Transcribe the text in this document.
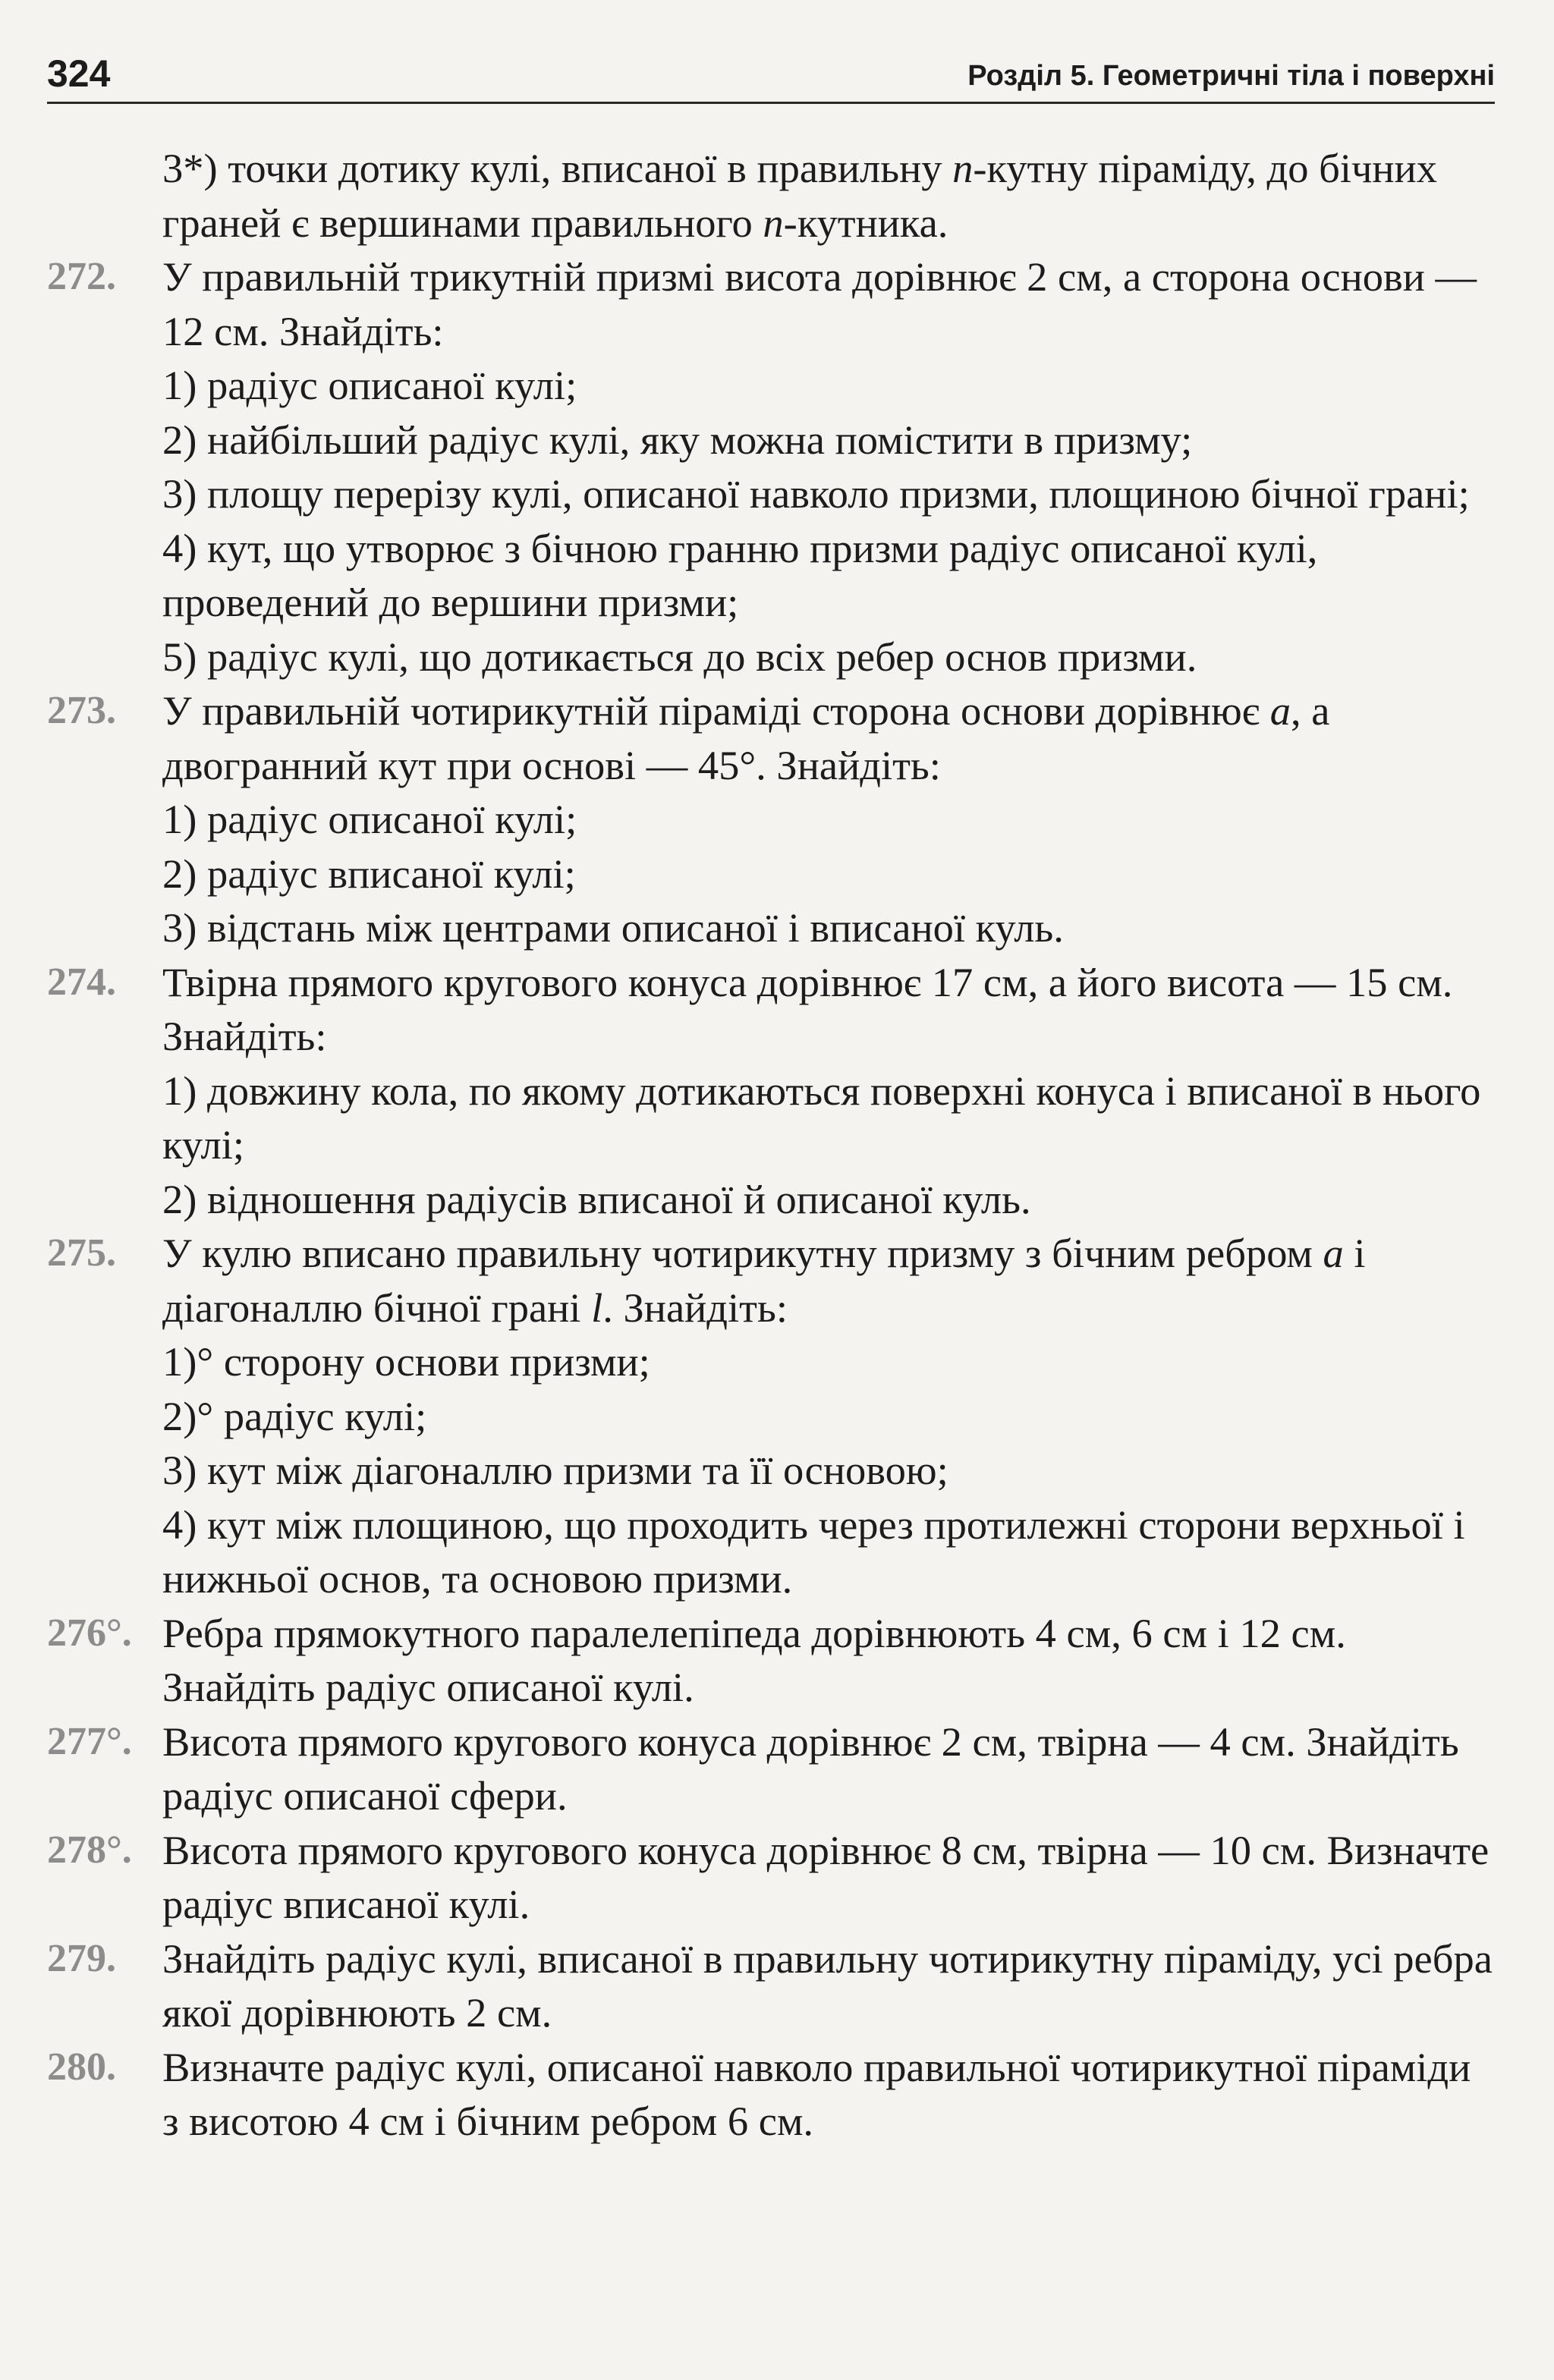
324	Розділ 5. Геометричні тіла і поверхні
3*) точки дотику кулі, вписаної в правильну n-кутну піраміду, до бічних граней є вершинами правильного n-кутника.
272.	У правильній трикутній призмі висота дорівнює 2 см, а сторона основи — 12 см. Знайдіть:
1) радіус описаної кулі;
2) найбільший радіус кулі, яку можна помістити в призму;
3) площу перерізу кулі, описаної навколо призми, площиною бічної грані;
4) кут, що утворює з бічною гранню призми радіус описаної кулі, проведений до вершини призми;
5) радіус кулі, що дотикається до всіх ребер основ призми.
273.	У правильній чотирикутній піраміді сторона основи дорівнює a, а двогранний кут при основі — 45°. Знайдіть:
1) радіус описаної кулі;
2) радіус вписаної кулі;
3) відстань між центрами описаної і вписаної куль.
274.	Твірна прямого кругового конуса дорівнює 17 см, а його висота — 15 см. Знайдіть:
1) довжину кола, по якому дотикаються поверхні конуса і вписаної в нього кулі;
2) відношення радіусів вписаної й описаної куль.
275.	У кулю вписано правильну чотирикутну призму з бічним ребром a і діагоналлю бічної грані l. Знайдіть:
1)° сторону основи призми;
2)° радіус кулі;
3) кут між діагоналлю призми та її основою;
4) кут між площиною, що проходить через протилежні сторони верхньої і нижньої основ, та основою призми.
276°. Ребра прямокутного паралелепіпеда дорівнюють 4 см, 6 см і 12 см. Знайдіть радіус описаної кулі.
277°. Висота прямого кругового конуса дорівнює 2 см, твірна — 4 см. Знайдіть радіус описаної сфери.
278°. Висота прямого кругового конуса дорівнює 8 см, твірна — 10 см. Визначте радіус вписаної кулі.
279.	Знайдіть радіус кулі, вписаної в правильну чотирикутну піраміду, усі ребра якої дорівнюють 2 см.
280.	Визначте радіус кулі, описаної навколо правильної чотирикутної піраміди з висотою 4 см і бічним ребром 6 см.
